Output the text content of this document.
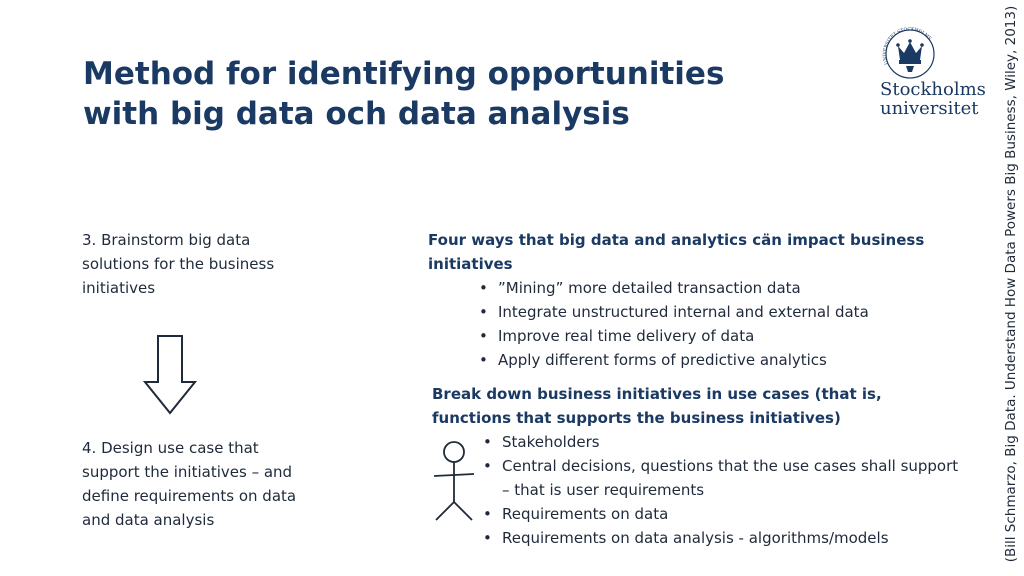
Method for identifying opportunities
with big data och data analysis
UNIVERSITET STOCKHOLMS
Stockholms
universitet	(Bill Schmarzo, Big Data. Understand How Data Powers Big Business, Wiley, 2013)
3. Brainstorm big data solutions for the business initiatives
4. Design use case that support the initiatives – and define requirements on data and data analysis
Four ways that big data and analytics cän impact business initiatives
• ”Mining” more detailed transaction data
• Integrate unstructured internal and external data
• Improve real time delivery of data
• Apply different forms of predictive analytics
Break down business initiatives in use cases (that is, functions that supports the business initiatives)
• Stakeholders
• Central decisions, questions that the use cases shall support – that is user requirements
• Requirements on data
• Requirements on data analysis - algorithms/models
